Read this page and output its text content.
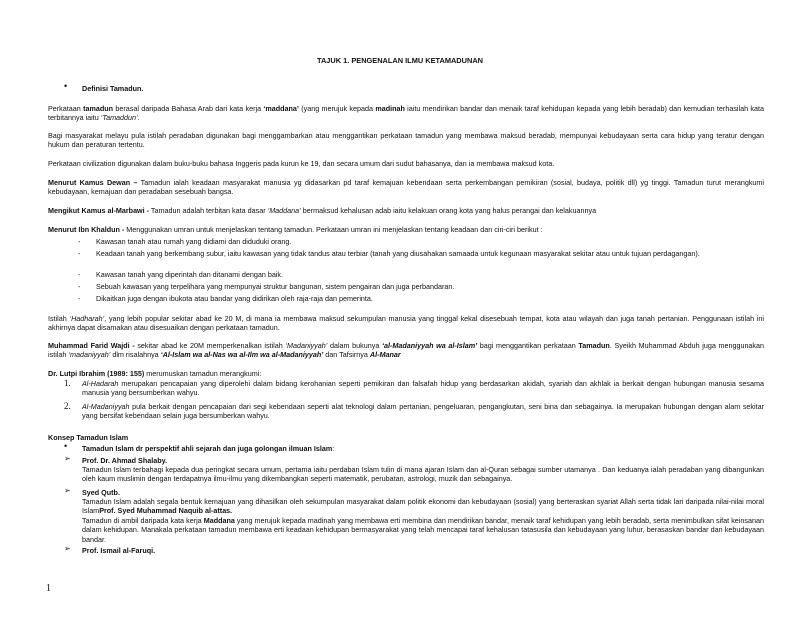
TAJUK 1. PENGENALAN ILMU KETAMADUNAN
• Definisi Tamadun.
Perkataan tamadun berasal daripada Bahasa Arab dari kata kerja ‘maddana’ (yang merujuk kepada madinah iaitu mendirikan bandar dan menaik taraf kehidupan kepada yang lebih beradab) dan kemudian terhasilah kata terbitannya iaitu ‘Tamaddun’.
Bagi masyarakat melayu pula istilah peradaban digunakan bagi menggambarkan atau menggantikan perkataan tamadun yang membawa maksud beradab, mempunyai kebudayaan serta cara hidup yang teratur dengan hukum dan peraturan tertentu.
Perkataan civilization digunakan dalam buku-buku bahasa Inggeris pada kurun ke 19, dan secara umum dari sudut bahasanya, dan ia membawa maksud kota.
Menurut Kamus Dewan – Tamadun ialah keadaan masyarakat manusia yg didasarkan pd taraf kemajuan kebendaan serta perkembangan pemikiran (sosial, budaya, politik dll) yg tinggi. Tamadun turut merangkumi kebudayaan, kemajuan dan peradaban sesebuah bangsa.
Mengikut Kamus al-Marbawi - Tamadun adalah terbitan kata dasar ‘Maddana’ bermaksud kehalusan adab iaitu kelakuan orang kota yang halus perangai dan kelakuannya
Menurut Ibn Khaldun - Menggunakan umran untuk menjelaskan tentang tamadun. Perkataan umran ini menjelaskan tentang keadaan dan ciri-ciri berikut :
- Kawasan tanah atau rumah yang didiami dan diduduki orang.
- Keadaan tanah yang berkembang subur, iaitu kawasan yang tidak tandus atau terbiar (tanah yang diusahakan samaada untuk kegunaan masyarakat sekitar atau untuk tujuan perdagangan).
- Kawasan tanah yang diperintah dan ditanami dengan baik.
- Sebuah kawasan yang terpelihara yang mempunyai struktur bangunan, sistem pengairan dan juga perbandaran.
- Dikaitkan juga dengan ibukota atau bandar yang didirikan oleh raja-raja dan pemerinta.
Istilah ‘Hadharah’, yang lebih popular sekitar abad ke 20 M, di mana ia membawa maksud sekumpulan manusia yang tinggal kekal disesebuah tempat, kota atau wilayah dan juga tanah pertanian. Penggunaan istilah ini akhirnya dapat disamakan atau disesuaikan dengan perkataan tamadun.
Muhammad Farid Wajdi - sekitar abad ke 20M memperkenalkan istilah ‘Madaniyyah’ dalam bukunya ‘al-Madaniyyah wa al-Islam’ bagi menggantikan perkataan Tamadun. Syeikh Muhammad Abduh juga menggunakan istilah ‘madaniyyah’ dlm risalahnya ‘Al-Islam wa al-Nas wa al-Ilm wa al-Madaniyyah’ dan Tafsirnya Al-Manar
Dr. Lutpi Ibrahim (1989: 155) merumuskan tamadun merangkumi:
1. Al-Hadarah merupakan pencapaian yang diperolehi dalam bidang kerohanian seperti pemikiran dan falsafah hidup yang berdasarkan akidah, syariah dan akhlak ia berkait dengan hubungan manusia sesama manusia yang bersumberkan wahyu.
2. Al-Madaniyyah pula berkait dengan pencapaian dari segi kebendaan seperti alat teknologi dalam pertanian, pengeluaran, pengangkutan, seni bina dan sebagainya. Ia merupakan hubungan dengan alam sekitar yang bersifat kebendaan selain juga bersumberkan wahyu.
Konsep Tamadun Islam
• Tamadun Islam dr perspektif ahli sejarah dan juga golongan ilmuan Islam:
➢ Prof. Dr. Ahmad Shalaby.
Tamadun Islam terbahagi kepada dua peringkat secara umum, pertama iaitu perdaban Islam tulin di mana ajaran Islam dan al-Quran sebagai sumber utamanya . Dan keduanya ialah peradaban yang dibangunkan oleh kaum muslimin dengan terdapatnya ilmu-ilmu yang dikembangkan seperti matematik, perubatan, astrologi, muzik dan sebagainya.
➢ Syed Qutb.
Tamadun Islam adalah segala bentuk kemajuan yang dihasilkan oleh sekumpulan masyarakat dalam politik ekonomi dan kebudayaan (sosial) yang berteraskan syariat Allah serta tidak lari daripada nilai-nilai moral IslamProf. Syed Muhammad Naquib al-attas.
Tamadun di ambil daripada kata kerja Maddana yang merujuk kepada madinah yang membawa erti membina dan mendirikan bandar, menaik taraf kehidupan yang lebih beradab, serta menimbulkan sifat keinsanan dalam kehidupan. Manakala perkataan tamadun membawa erti keadaan kehidupan bermasyarakat yang telah mencapai taraf kehalusan tatasusila dan kebudayaan yang luhur, berasaskan bandar dan kebudayaan bandar.
➢ Prof. Ismail al-Faruqi.
1
